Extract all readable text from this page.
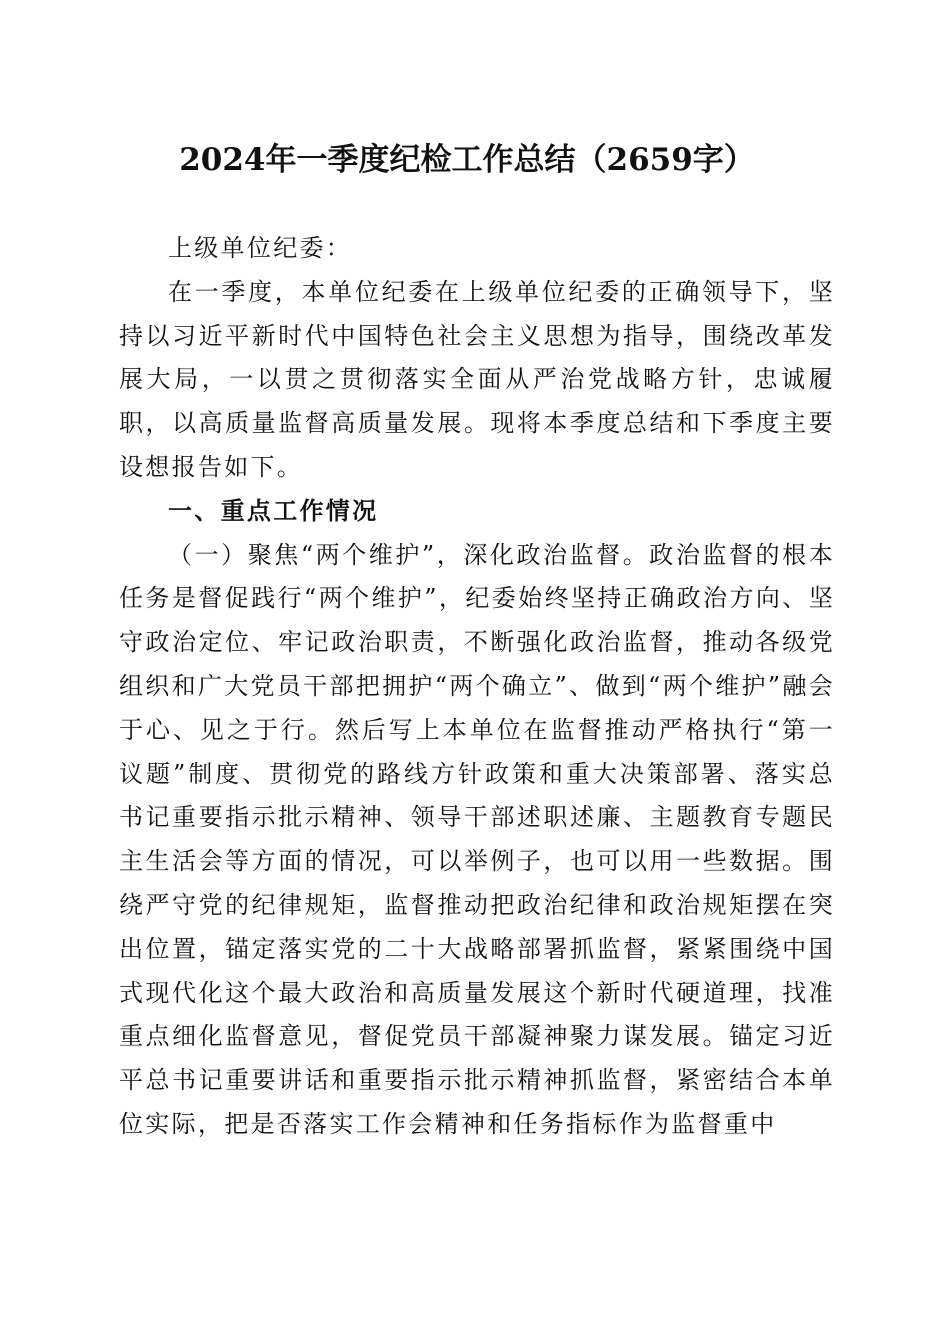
2024年一季度纪检工作总结（2659字）

上级单位纪委：

在一季度，本单位纪委在上级单位纪委的正确领导下，坚持以习近平新时代中国特色社会主义思想为指导，围绕改革发展大局，一以贯之贯彻落实全面从严治党战略方针，忠诚履职，以高质量监督高质量发展。现将本季度总结和下季度主要设想报告如下。

一、重点工作情况

（一）聚焦“两个维护”，深化政治监督。政治监督的根本任务是督促践行“两个维护”，纪委始终坚持正确政治方向、坚守政治定位、牢记政治职责，不断强化政治监督，推动各级党组织和广大党员干部把拥护“两个确立”、做到“两个维护”融会于心、见之于行。然后写上本单位在监督推动严格执行“第一议题”制度、贯彻党的路线方针政策和重大决策部署、落实总书记重要指示批示精神、领导干部述职述廉、主题教育专题民主生活会等方面的情况，可以举例子，也可以用一些数据。围绕严守党的纪律规矩，监督推动把政治纪律和政治规矩摆在突出位置，锚定落实党的二十大战略部署抓监督，紧紧围绕中国式现代化这个最大政治和高质量发展这个新时代硬道理，找准重点细化监督意见，督促党员干部凝神聚力谋发展。锚定习近平总书记重要讲话和重要指示批示精神抓监督，紧密结合本单位实际，把是否落实工作会精神和任务指标作为监督重中
